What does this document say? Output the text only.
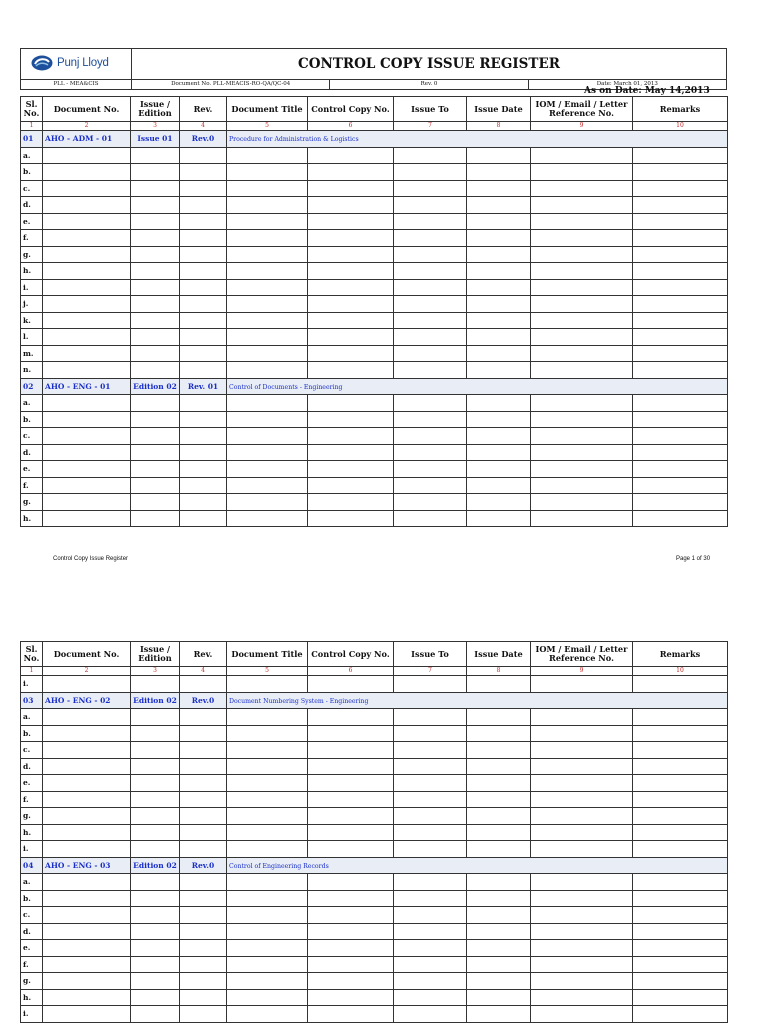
Punj Lloyd	CONTROL COPY ISSUE REGISTER		
PLL - MEA&CIS	Document No. PLL-MEACIS-RO-QA/QC-04	Rev. 0	Date: March 01, 2013
As on Date: May 14,2013
Sl. No.	Document No.	Issue / Edition	Rev.	Document Title	Control Copy No.	Issue To	Issue Date	IOM / Email / Letter Reference No.	Remarks
1	2	3	4	5	6	7	8	9	10
01	AHO - ADM - 01	Issue 01	Rev.0	Procedure for Administration & Logistics					
a.									
b.									
c.									
d.									
e.									
f.									
g.									
h.									
i.									
j.									
k.									
l.									
m.									
n.									
02	AHO - ENG - 01	Edition 02	Rev. 01	Control of Documents - Engineering					
a.									
b.									
c.									
d.									
e.									
f.									
g.									
h.									
Control Copy Issue Register	Page 1 of 30
Sl. No.	Document No.	Issue / Edition	Rev.	Document Title	Control Copy No.	Issue To	Issue Date	IOM / Email / Letter Reference No.	Remarks
1	2	3	4	5	6	7	8	9	10
i.									
03	AHO - ENG - 02	Edition 02	Rev.0	Document Numbering System - Engineering					
a.									
b.									
c.									
d.									
e.									
f.									
g.									
h.									
i.									
04	AHO - ENG - 03	Edition 02	Rev.0	Control of Engineering Records					
a.									
b.									
c.									
d.									
e.									
f.									
g.									
h.									
i.									
